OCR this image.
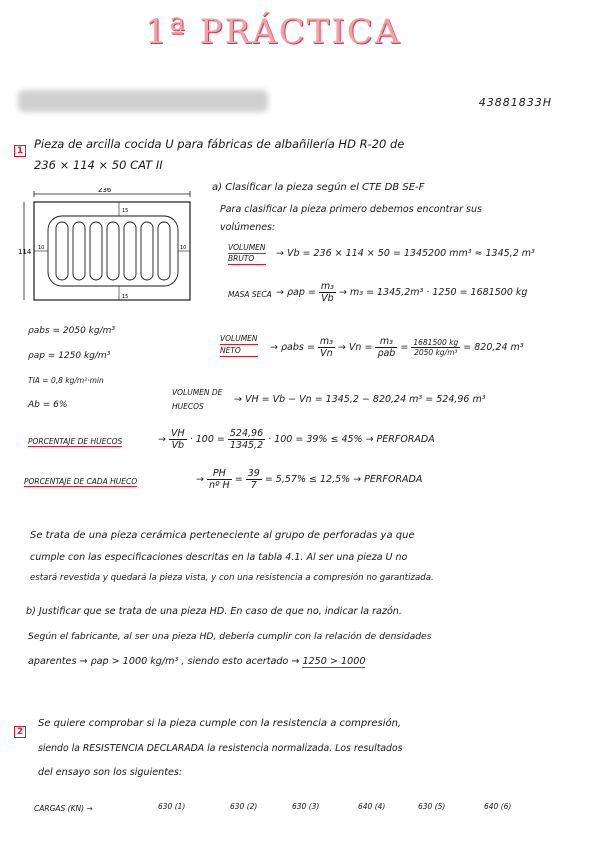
1ª PRÁCTICA
43881833H
1 Pieza de arcilla cocida U para fábricas de albañilería HD R-20 de
236 × 114 × 50 CAT II
236
114
15
15
10	10
a) Clasificar la pieza según el CTE DB SE-F
Para clasificar la pieza primero debemos encontrar sus
volúmenes:
VOLUMEN
BRUTO	→ Vb = 236 × 114 × 50 = 1345200 mm³ ≈ 1345,2 m³
MASA SECA → $\rho ap = \frac{\text{m₃}}{Vb} \to m_3 = 1345,2m^3 \cdot 1250 = 1681500$ kg
ρabs = 2050 kg/m³
ρap = 1250 kg/m³
TIA = 0,8 kg/m²·min
Ab = 6%
VOLUMEN
NETO	→ $\rho abs = \frac{\text{m₃}}{Vn} \to Vn = \frac{\text{m₃}}{\text{ρab}} = \frac{1681500 kg}{\text{2050 kg/m³}} = 820,24$ m³
VOLUMEN DE
HUECOS
→ VH = Vb − Vn = 1345,2 − 820,24 m³ = 524,96 m³
PORCENTAJE DE HUECOS	→ $\frac{VH}{Vb} \cdot 100 = \frac{524,96}{1345,2} \cdot 100 = 39\% \le 45\%$ → PERFORADA
PORCENTAJE DE CADA HUECO	→ $\frac{PH}{\text{nº H}} = \frac{39}{7} = 5,57\% \le 12,5\%$ → PERFORADA
Se trata de una pieza cerámica perteneciente al grupo de perforadas ya que
cumple con las especificaciones descritas en la tabla 4.1. Al ser una pieza U no
estará revestida y quedará la pieza vista, y con una resistencia a compresión no garantizada.
b) Justificar que se trata de una pieza HD. En caso de que no, indicar la razón.
Según el fabricante, al ser una pieza HD, debería cumplir con la relación de densidades
aparentes → ρap > 1000 kg/m³ , siendo esto acertado → 1250 > 1000
2
Se quiere comprobar si la pieza cumple con la resistencia a compresión,
siendo la RESISTENCIA DECLARADA la resistencia normalizada. Los resultados
del ensayo son los siguientes:
CARGAS (KN) →	630 (1)	630 (2)	630 (3)	640 (4)	630 (5)	640 (6)
